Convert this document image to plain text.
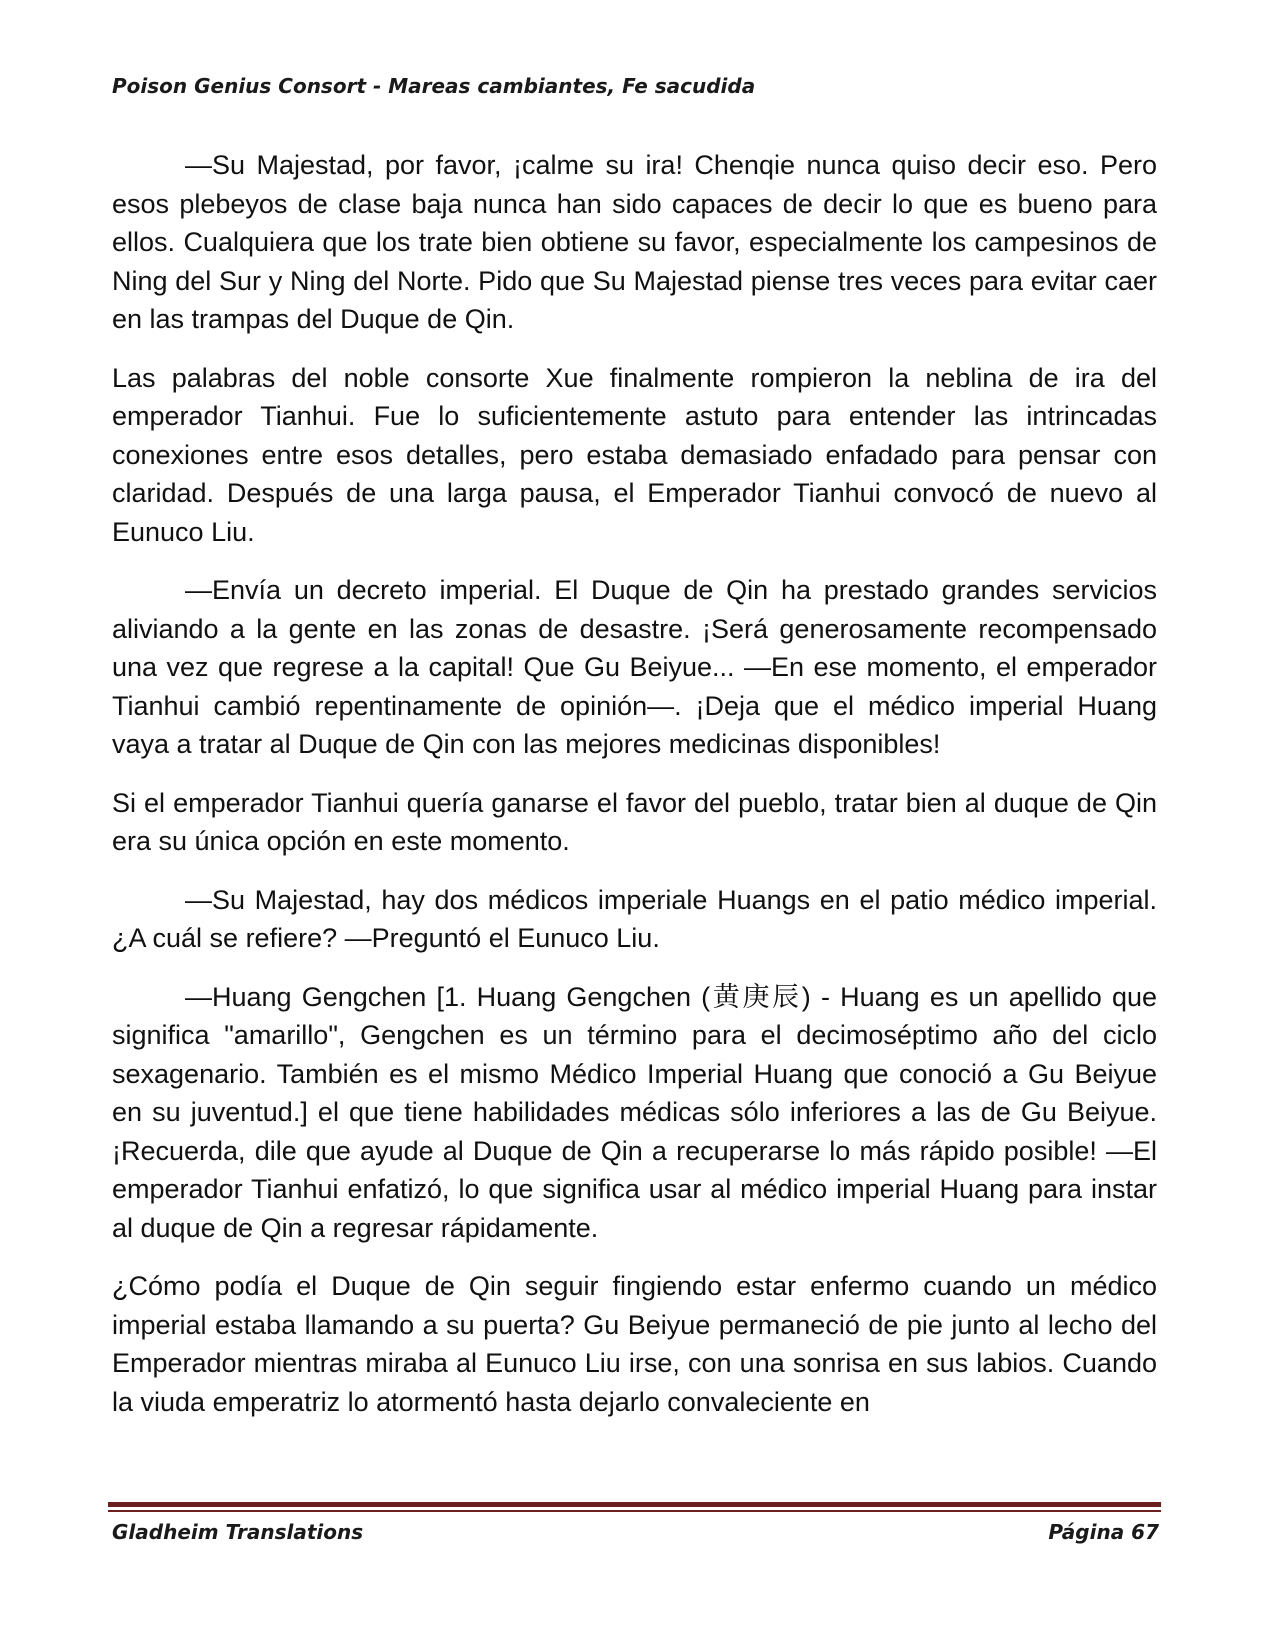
Poison Genius Consort - Mareas cambiantes, Fe sacudida

—Su Majestad, por favor, ¡calme su ira! Chenqie nunca quiso decir eso. Pero esos plebeyos de clase baja nunca han sido capaces de decir lo que es bueno para ellos. Cualquiera que los trate bien obtiene su favor, especialmente los campesinos de Ning del Sur y Ning del Norte. Pido que Su Majestad piense tres veces para evitar caer en las trampas del Duque de Qin.

Las palabras del noble consorte Xue finalmente rompieron la neblina de ira del emperador Tianhui. Fue lo suficientemente astuto para entender las intrincadas conexiones entre esos detalles, pero estaba demasiado enfadado para pensar con claridad. Después de una larga pausa, el Emperador Tianhui convocó de nuevo al Eunuco Liu.

—Envía un decreto imperial. El Duque de Qin ha prestado grandes servicios aliviando a la gente en las zonas de desastre. ¡Será generosamente recompensado una vez que regrese a la capital! Que Gu Beiyue... —En ese momento, el emperador Tianhui cambió repentinamente de opinión—. ¡Deja que el médico imperial Huang vaya a tratar al Duque de Qin con las mejores medicinas disponibles!

Si el emperador Tianhui quería ganarse el favor del pueblo, tratar bien al duque de Qin era su única opción en este momento.

—Su Majestad, hay dos médicos imperiale Huangs en el patio médico imperial. ¿A cuál se refiere? —Preguntó el Eunuco Liu.

—Huang Gengchen [1. Huang Gengchen (黄庚辰) - Huang es un apellido que significa "amarillo", Gengchen es un término para el decimoséptimo año del ciclo sexagenario. También es el mismo Médico Imperial Huang que conoció a Gu Beiyue en su juventud.] el que tiene habilidades médicas sólo inferiores a las de Gu Beiyue. ¡Recuerda, dile que ayude al Duque de Qin a recuperarse lo más rápido posible! —El emperador Tianhui enfatizó, lo que significa usar al médico imperial Huang para instar al duque de Qin a regresar rápidamente.

¿Cómo podía el Duque de Qin seguir fingiendo estar enfermo cuando un médico imperial estaba llamando a su puerta? Gu Beiyue permaneció de pie junto al lecho del Emperador mientras miraba al Eunuco Liu irse, con una sonrisa en sus labios. Cuando la viuda emperatriz lo atormentó hasta dejarlo convaleciente en

Gladheim Translations	Página 67
